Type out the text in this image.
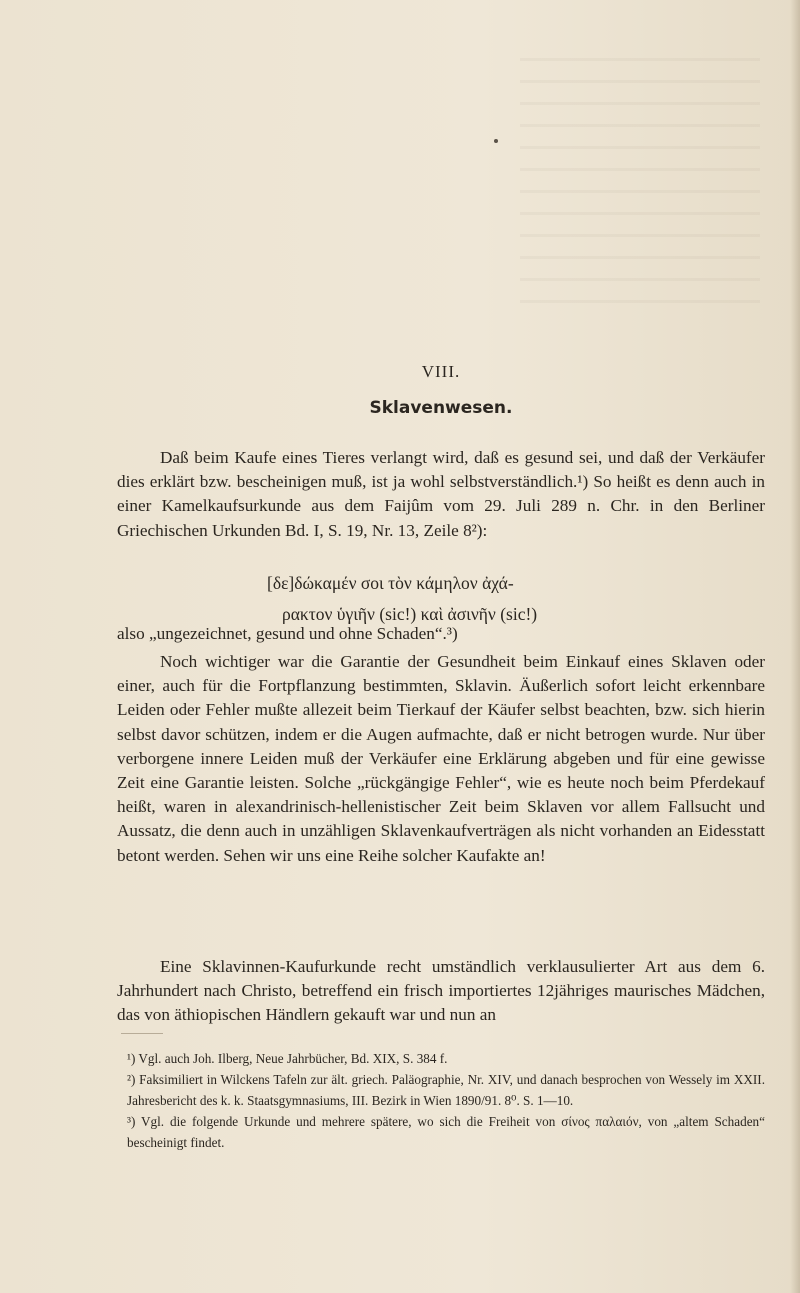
VIII.
Sklavenwesen.

Daß beim Kaufe eines Tieres verlangt wird, daß es gesund sei, und daß der Verkäufer dies erklärt bzw. bescheinigen muß, ist ja wohl selbstverständlich.¹) So heißt es denn auch in einer Kamelkaufsurkunde aus dem Faijûm vom 29. Juli 289 n. Chr. in den Berliner Griechischen Urkunden Bd. I, S. 19, Nr. 13, Zeile 8²):

[δε]δώκαμέν σοι τὸν κάμηλον ἀχά-
ρακτον ὑγιῆν (sic!) καὶ ἀσινῆν (sic!)

also „ungezeichnet, gesund und ohne Schaden“.³)

Noch wichtiger war die Garantie der Gesundheit beim Einkauf eines Sklaven oder einer, auch für die Fortpflanzung bestimmten, Sklavin. Äußerlich sofort leicht erkennbare Leiden oder Fehler mußte allezeit beim Tierkauf der Käufer selbst beachten, bzw. sich hierin selbst davor schützen, indem er die Augen aufmachte, daß er nicht betrogen wurde. Nur über verborgene innere Leiden muß der Verkäufer eine Erklärung abgeben und für eine gewisse Zeit eine Garantie leisten. Solche „rückgängige Fehler“, wie es heute noch beim Pferdekauf heißt, waren in alexandrinisch-hellenistischer Zeit beim Sklaven vor allem Fallsucht und Aussatz, die denn auch in unzähligen Sklavenkaufverträgen als nicht vorhanden an Eidesstatt betont werden. Sehen wir uns eine Reihe solcher Kaufakte an!

Eine Sklavinnen-Kaufurkunde recht umständlich verklausulierter Art aus dem 6. Jahrhundert nach Christo, betreffend ein frisch importiertes 12jähriges maurisches Mädchen, das von äthiopischen Händlern gekauft war und nun an

¹) Vgl. auch Joh. Ilberg, Neue Jahrbücher, Bd. XIX, S. 384 f.

²) Faksimiliert in Wilckens Tafeln zur ält. griech. Paläographie, Nr. XIV, und danach besprochen von Wessely im XXII. Jahresbericht des k. k. Staatsgymnasiums, III. Bezirk in Wien 1890/91. 8⁰. S. 1—10.

³) Vgl. die folgende Urkunde und mehrere spätere, wo sich die Freiheit von σίνος παλαιόν, von „altem Schaden“ bescheinigt findet.
